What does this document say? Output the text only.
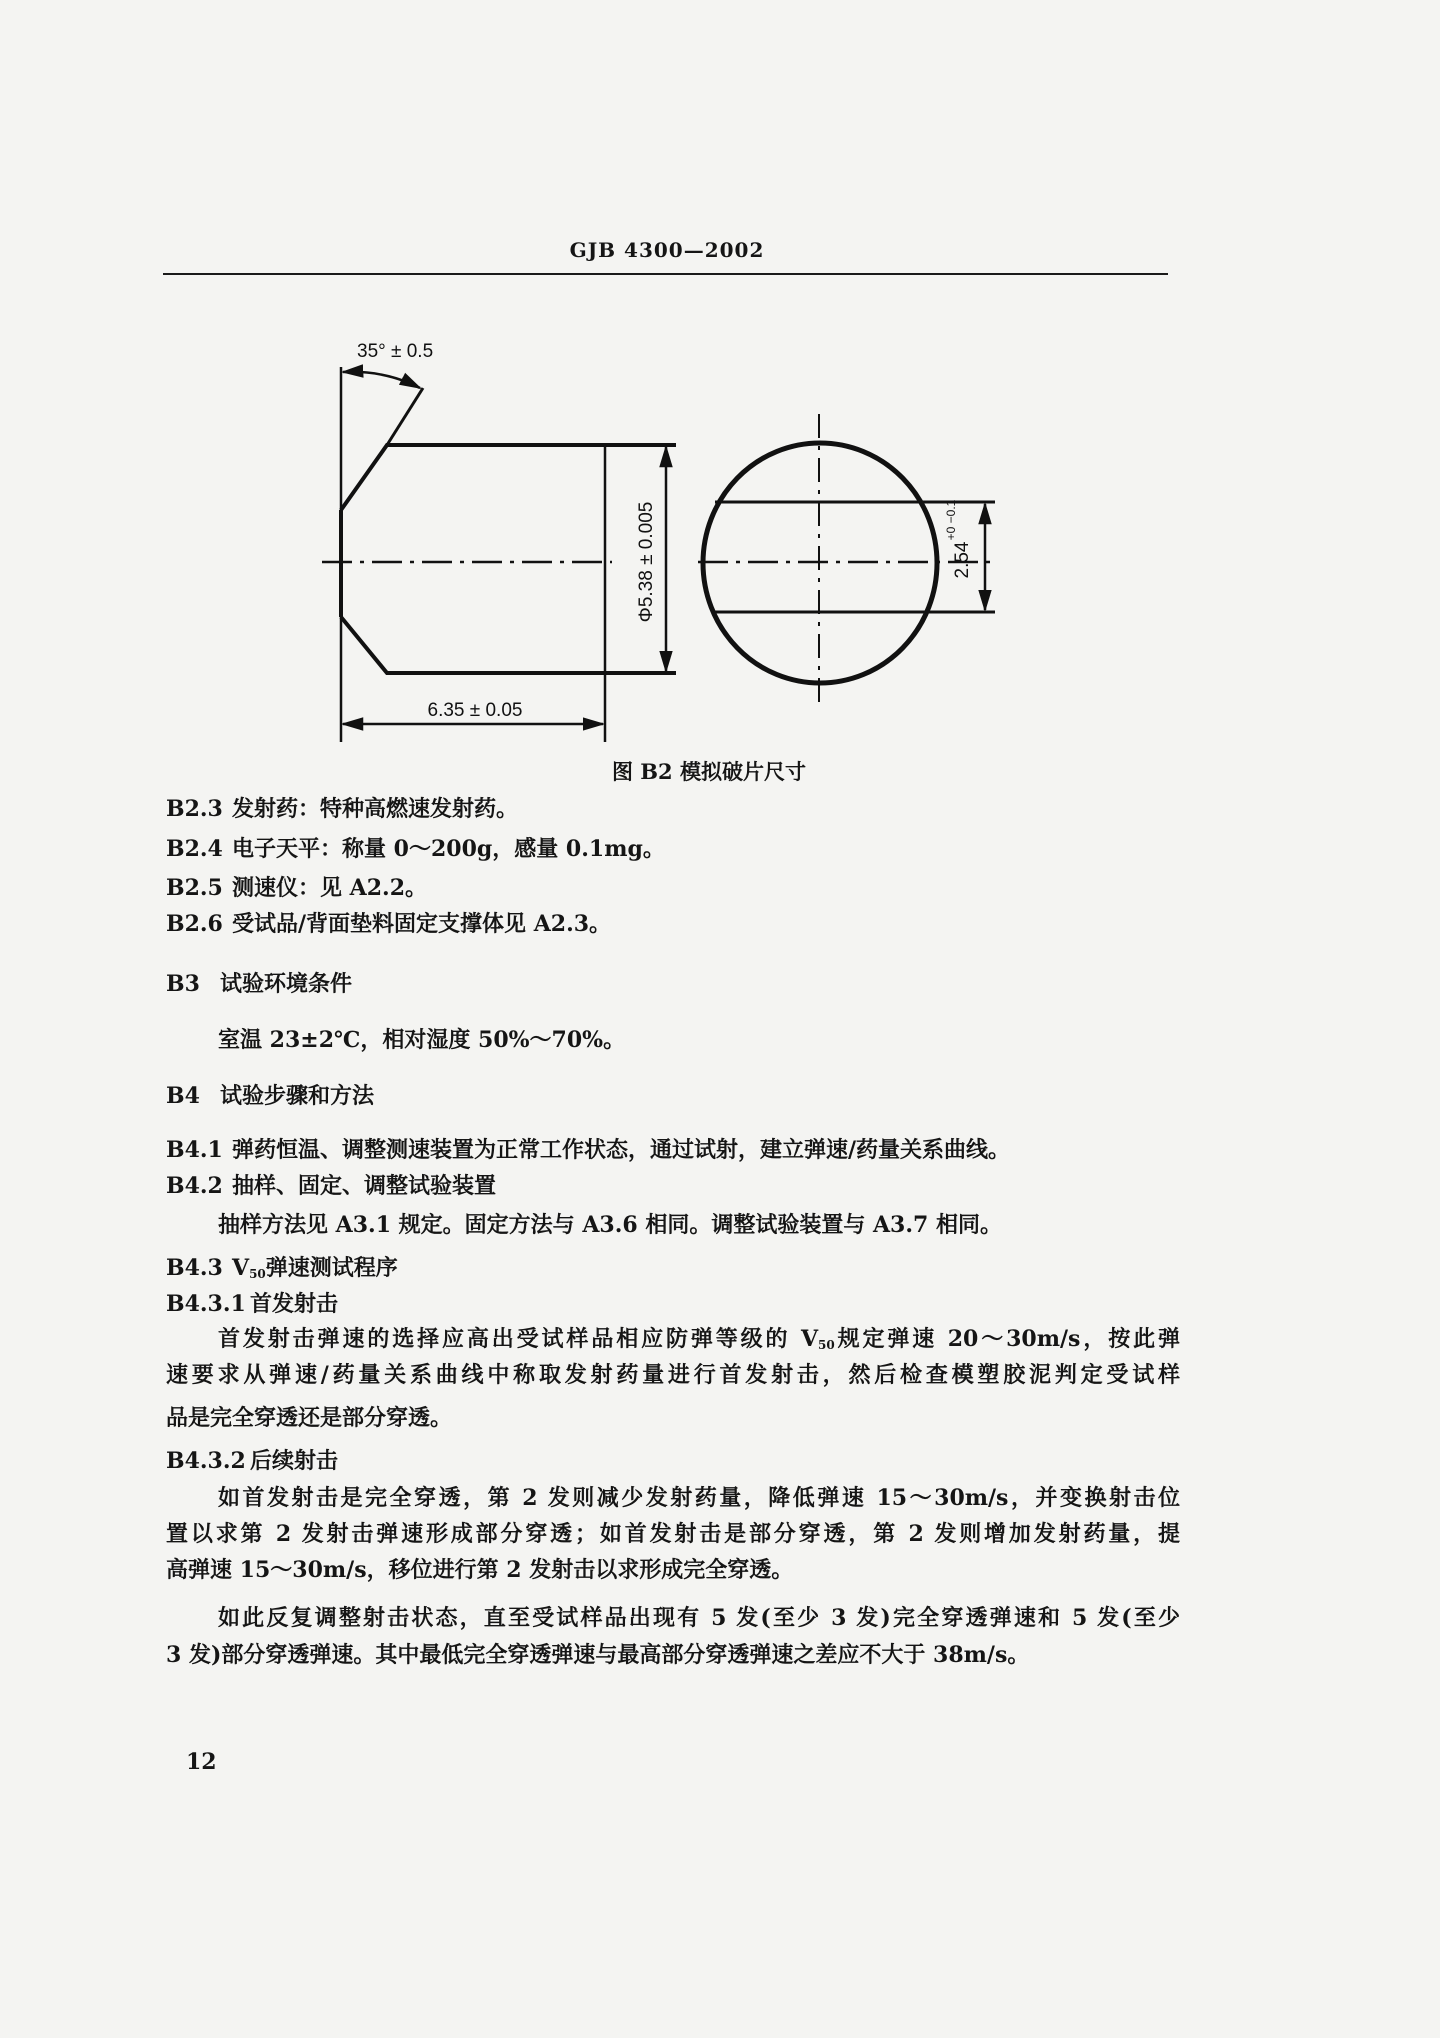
GJB 4300—2002
35° ± 0.5
6.35 ± 0.05
Φ5.38 ± 0.005	2.54
+0 −0.1
图 B2 模拟破片尺寸
B2.3 发射药：特种高燃速发射药。
B2.4 电子天平：称量 0～200g，感量 0.1mg。
B2.5 测速仪：见 A2.2。
B2.6 受试品/背面垫料固定支撑体见 A2.3。
B3 试验环境条件
室温 23±2℃，相对湿度 50%～70%。
B4 试验步骤和方法
B4.1 弹药恒温、调整测速装置为正常工作状态，通过试射，建立弹速/药量关系曲线。
B4.2 抽样、固定、调整试验装置
抽样方法见 A3.1 规定。固定方法与 A3.6 相同。调整试验装置与 A3.7 相同。
B4.3 $V_{50}$弹速测试程序
B4.3.1 首发射击
首发射击弹速的选择应高出受试样品相应防弹等级的 $V_{50}$规定弹速 20～30m/s，按此弹
速要求从弹速/药量关系曲线中称取发射药量进行首发射击，然后检查模塑胶泥判定受试样
品是完全穿透还是部分穿透。
B4.3.2 后续射击
如首发射击是完全穿透，第 2 发则减少发射药量，降低弹速 15～30m/s，并变换射击位
置以求第 2 发射击弹速形成部分穿透；如首发射击是部分穿透，第 2 发则增加发射药量，提
高弹速 15～30m/s，移位进行第 2 发射击以求形成完全穿透。
如此反复调整射击状态，直至受试样品出现有 5 发(至少 3 发)完全穿透弹速和 5 发(至少
3 发)部分穿透弹速。其中最低完全穿透弹速与最高部分穿透弹速之差应不大于 38m/s。
12
